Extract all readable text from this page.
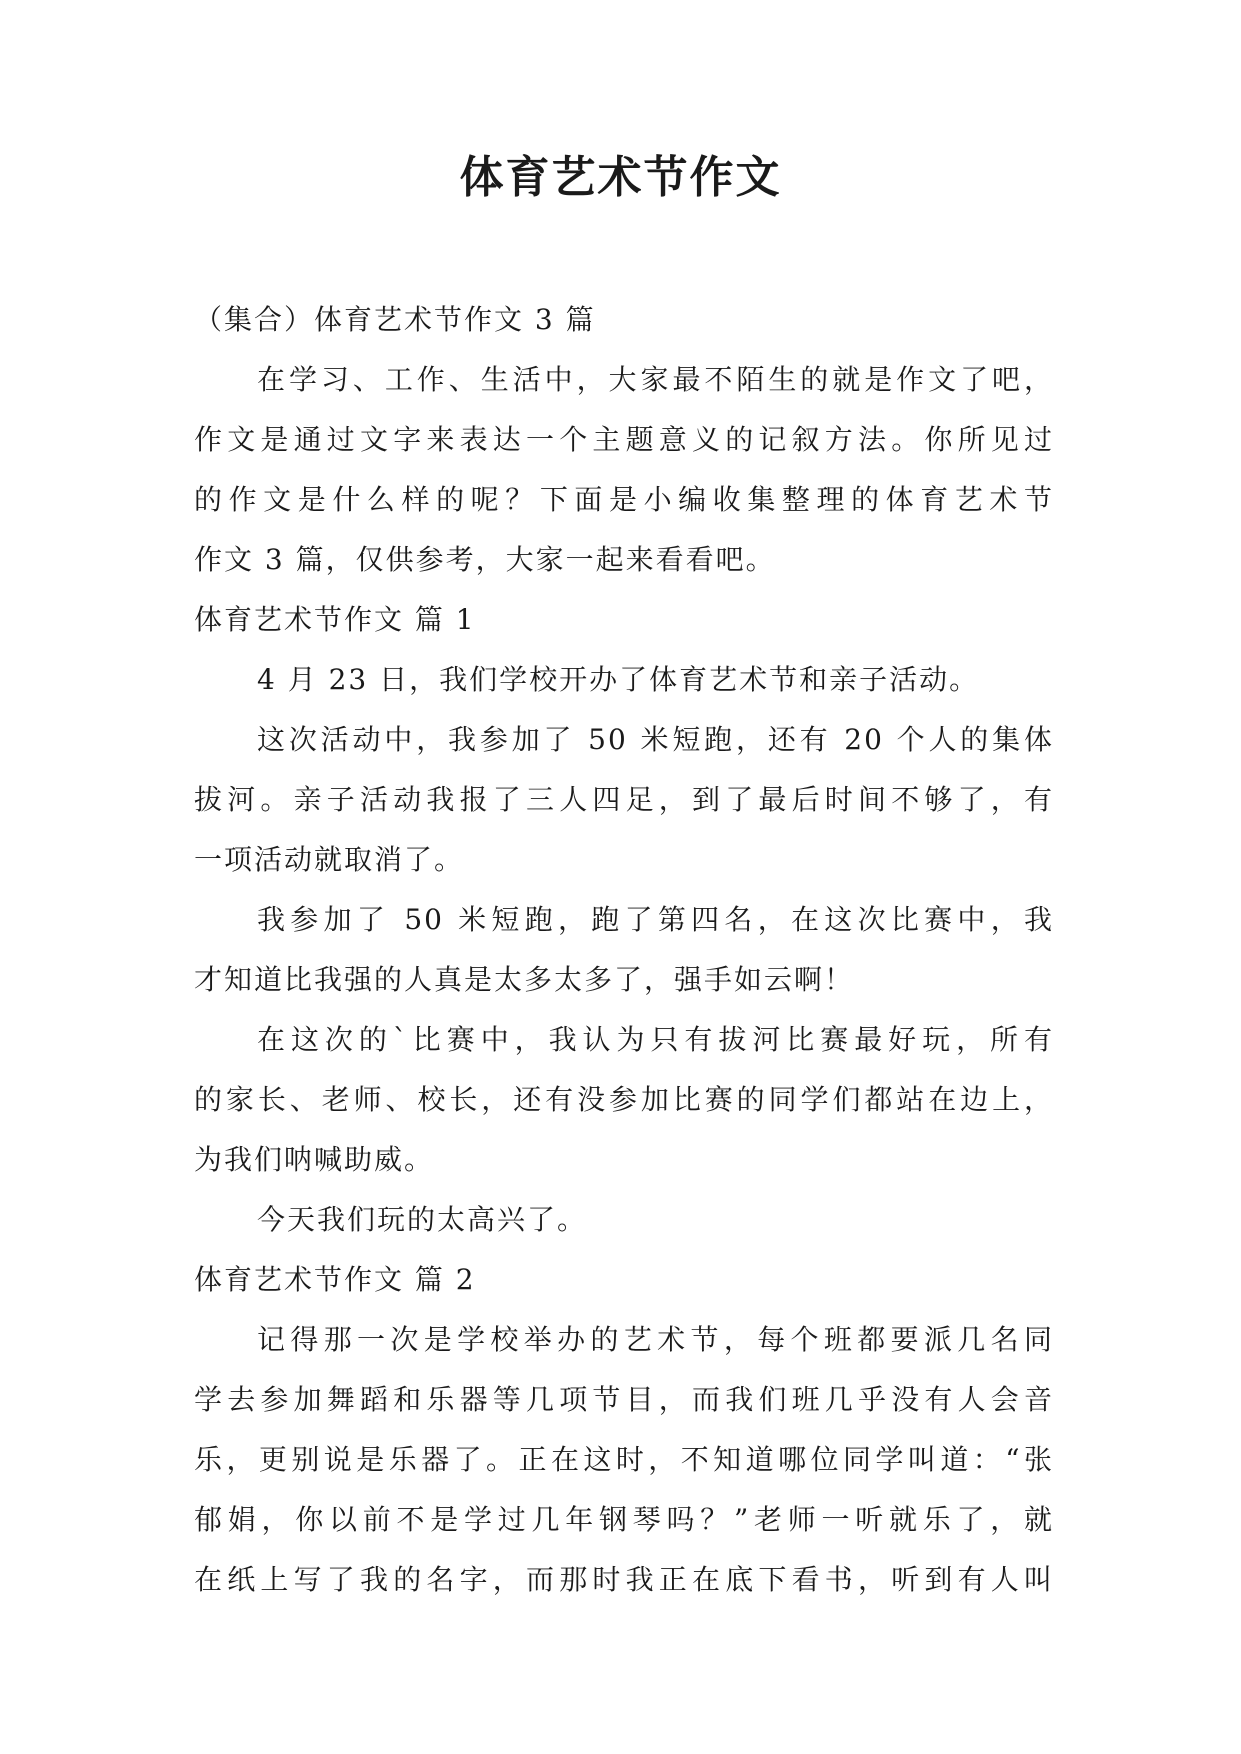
体育艺术节作文

（集合）体育艺术节作文 3 篇

在学习、工作、生活中，大家最不陌生的就是作文了吧，

作文是通过文字来表达一个主题意义的记叙方法。你所见过

的作文是什么样的呢？下面是小编收集整理的体育艺术节

作文 3 篇，仅供参考，大家一起来看看吧。

体育艺术节作文 篇 1

4 月 23 日，我们学校开办了体育艺术节和亲子活动。

这次活动中，我参加了 50 米短跑，还有 20 个人的集体

拔河。亲子活动我报了三人四足，到了最后时间不够了，有

一项活动就取消了。

我参加了 50 米短跑，跑了第四名，在这次比赛中，我

才知道比我强的人真是太多太多了，强手如云啊！

在这次的`比赛中，我认为只有拔河比赛最好玩，所有

的家长、老师、校长，还有没参加比赛的同学们都站在边上，

为我们呐喊助威。

今天我们玩的太高兴了。

体育艺术节作文 篇 2

记得那一次是学校举办的艺术节，每个班都要派几名同

学去参加舞蹈和乐器等几项节目，而我们班几乎没有人会音

乐，更别说是乐器了。正在这时，不知道哪位同学叫道：“张

郁娟，你以前不是学过几年钢琴吗？”老师一听就乐了，就

在纸上写了我的名字，而那时我正在底下看书，听到有人叫
